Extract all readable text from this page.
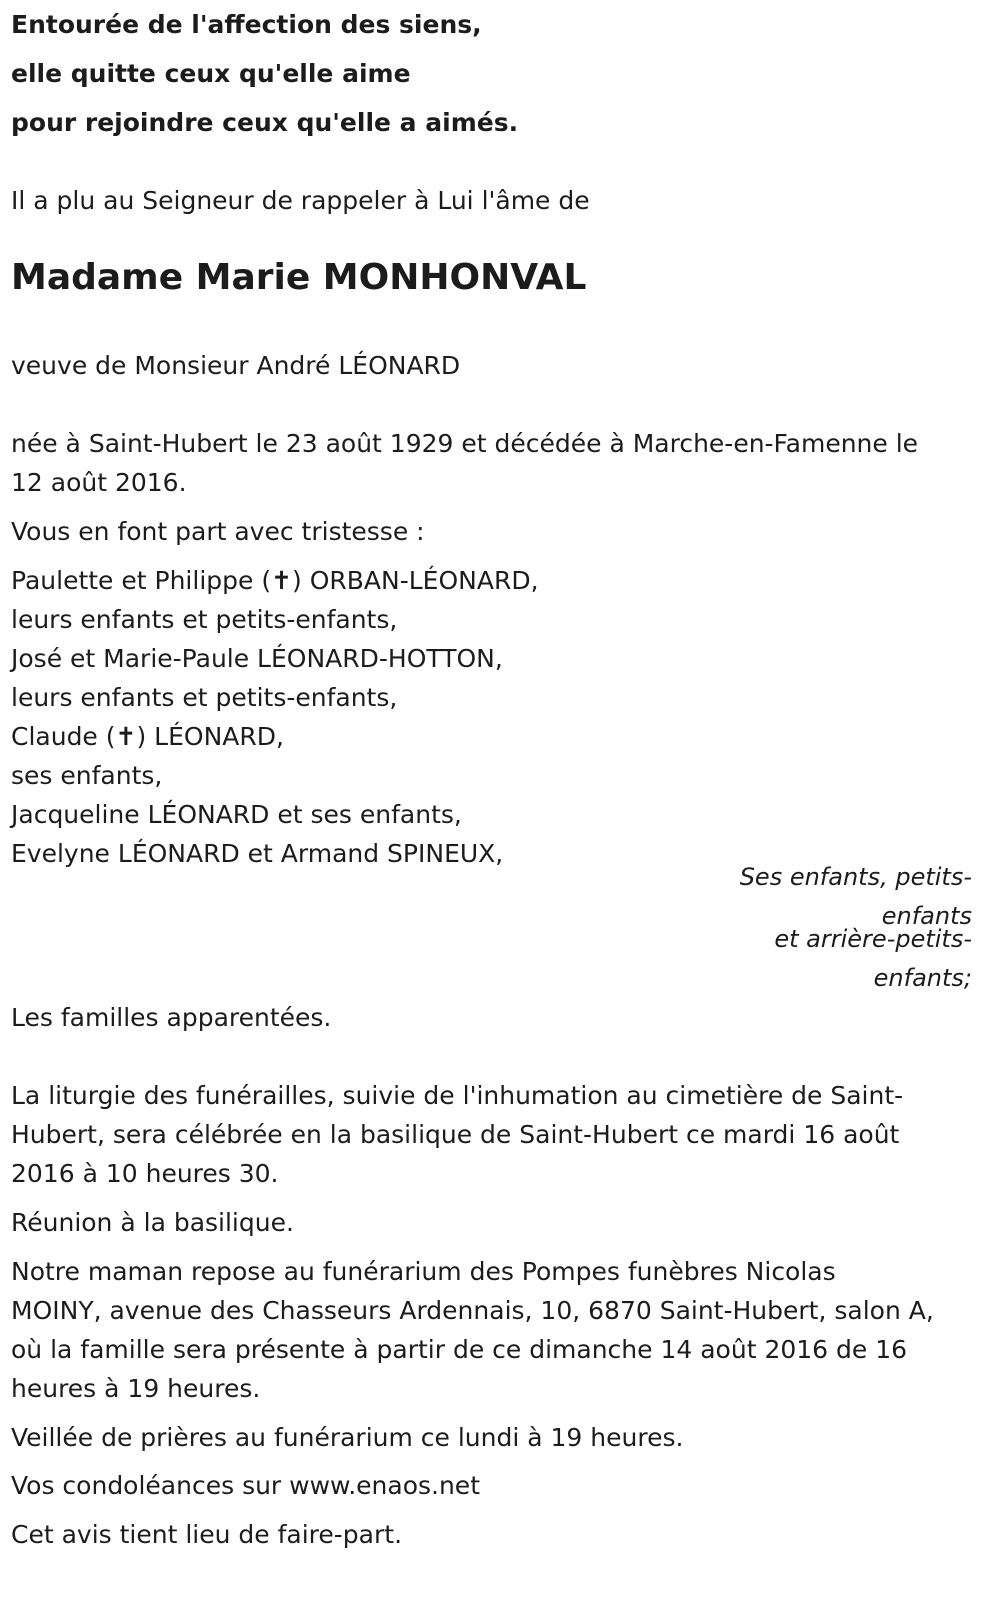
Entourée de l'affection des siens,
elle quitte ceux qu'elle aime
pour rejoindre ceux qu'elle a aimés.
Il a plu au Seigneur de rappeler à Lui l'âme de
Madame Marie MONHONVAL
veuve de Monsieur André LÉONARD
née à Saint-Hubert le 23 août 1929 et décédée à Marche-en-Famenne le
12 août 2016.
Vous en font part avec tristesse :
Paulette et Philippe (✝) ORBAN-LÉONARD,
leurs enfants et petits-enfants,
José et Marie-Paule LÉONARD-HOTTON,
leurs enfants et petits-enfants,
Claude (✝) LÉONARD,
ses enfants,
Jacqueline LÉONARD et ses enfants,
Evelyne LÉONARD et Armand SPINEUX,
Ses enfants, petits-
enfants
et arrière-petits-
enfants;
Les familles apparentées.
La liturgie des funérailles, suivie de l'inhumation au cimetière de Saint-
Hubert, sera célébrée en la basilique de Saint-Hubert ce mardi 16 août
2016 à 10 heures 30.
Réunion à la basilique.
Notre maman repose au funérarium des Pompes funèbres Nicolas
MOINY, avenue des Chasseurs Ardennais, 10, 6870 Saint-Hubert, salon A,
où la famille sera présente à partir de ce dimanche 14 août 2016 de 16
heures à 19 heures.
Veillée de prières au funérarium ce lundi à 19 heures.
Vos condoléances sur www.enaos.net
Cet avis tient lieu de faire-part.
